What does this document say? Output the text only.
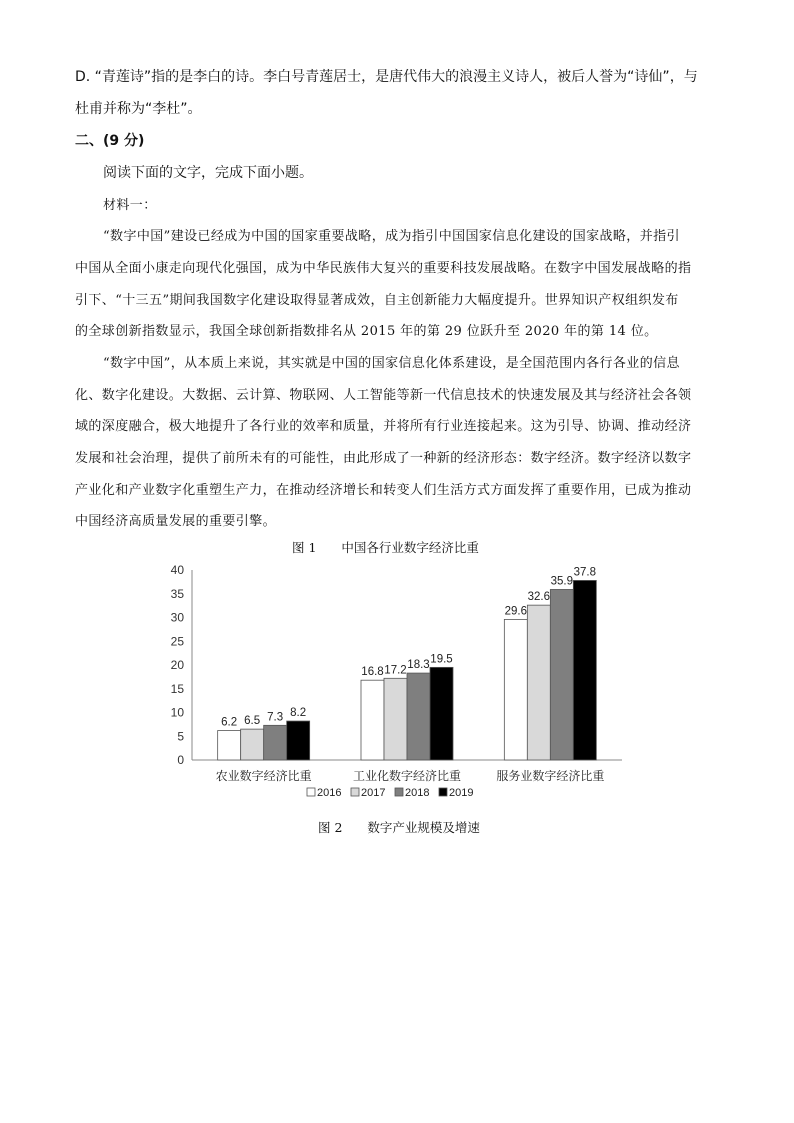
D. “青莲诗”指的是李白的诗。李白号青莲居士，是唐代伟大的浪漫主义诗人，被后人誉为“诗仙”，与
杜甫并称为“李杜”。
二、(9 分)
阅读下面的文字，完成下面小题。
材料一：
“数字中国”建设已经成为中国的国家重要战略，成为指引中国国家信息化建设的国家战略，并指引
中国从全面小康走向现代化强国，成为中华民族伟大复兴的重要科技发展战略。在数字中国发展战略的指
引下、“十三五”期间我国数字化建设取得显著成效，自主创新能力大幅度提升。世界知识产权组织发布
的全球创新指数显示，我国全球创新指数排名从 2015 年的第 29 位跃升至 2020 年的第 14 位。
“数字中国”，从本质上来说，其实就是中国的国家信息化体系建设，是全国范围内各行各业的信息
化、数字化建设。大数据、云计算、物联网、人工智能等新一代信息技术的快速发展及其与经济社会各领
域的深度融合，极大地提升了各行业的效率和质量，并将所有行业连接起来。这为引导、协调、推动经济
发展和社会治理，提供了前所未有的可能性，由此形成了一种新的经济形态：数字经济。数字经济以数字
产业化和产业数字化重塑生产力，在推动经济增长和转变人们生活方式方面发挥了重要作用，已成为推动
中国经济高质量发展的重要引擎。
图 1　　中国各行业数字经济比重
0
5
10
15
20
25
30
35
40
6.2 6.5 7.3 8.2
农业数字经济比重
16.8 17.2 18.3 19.5
工业化数字经济比重
29.6
32.6
35.9
37.8
服务业数字经济比重
2016 2017 2018 2019
图 2　　数字产业规模及增速
